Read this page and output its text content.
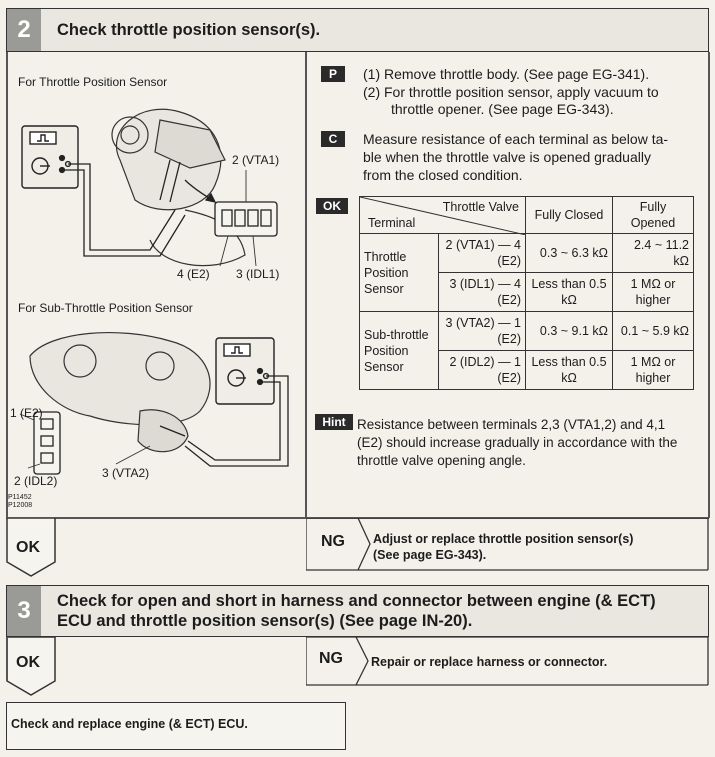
2	Check throttle position sensor(s).
For Throttle Position Sensor
2 (VTA1)
4 (E2) 3 (IDL1)
For Sub-Throttle Position Sensor
1 (E2)
2 (IDL2)
3 (VTA2)
P11452
P12008
P	(1) Remove throttle body. (See page EG-341).
(2) For throttle position sensor, apply vacuum to
throttle opener. (See page EG-343).
C	Measure resistance of each terminal as below ta-
ble when the throttle valve is opened gradually
from the closed condition.
OK	Throttle Valve
Terminal		Fully Closed	Fully Opened
Throttle Position Sensor	2 (VTA1) — 4 (E2)	0.3 ~ 6.3 kΩ	2.4 ~ 11.2 kΩ
	3 (IDL1) — 4 (E2)	Less than 0.5 kΩ	1 MΩ or higher
Sub-throttle Position Sensor	3 (VTA2) — 1 (E2)	0.3 ~ 9.1 kΩ	0.1 ~ 5.9 kΩ
	2 (IDL2) — 1 (E2)	Less than 0.5 kΩ	1 MΩ or higher
Hint Resistance between terminals 2,3 (VTA1,2) and 4,1
(E2) should increase gradually in accordance with the
throttle valve opening angle.
OK	NG Adjust or replace throttle position sensor(s)
(See page EG-343).
3	Check for open and short in harness and connector between engine (& ECT)
ECU and throttle position sensor(s) (See page IN-20).
OK	NG Repair or replace harness or connector.
Check and replace engine (& ECT) ECU.
